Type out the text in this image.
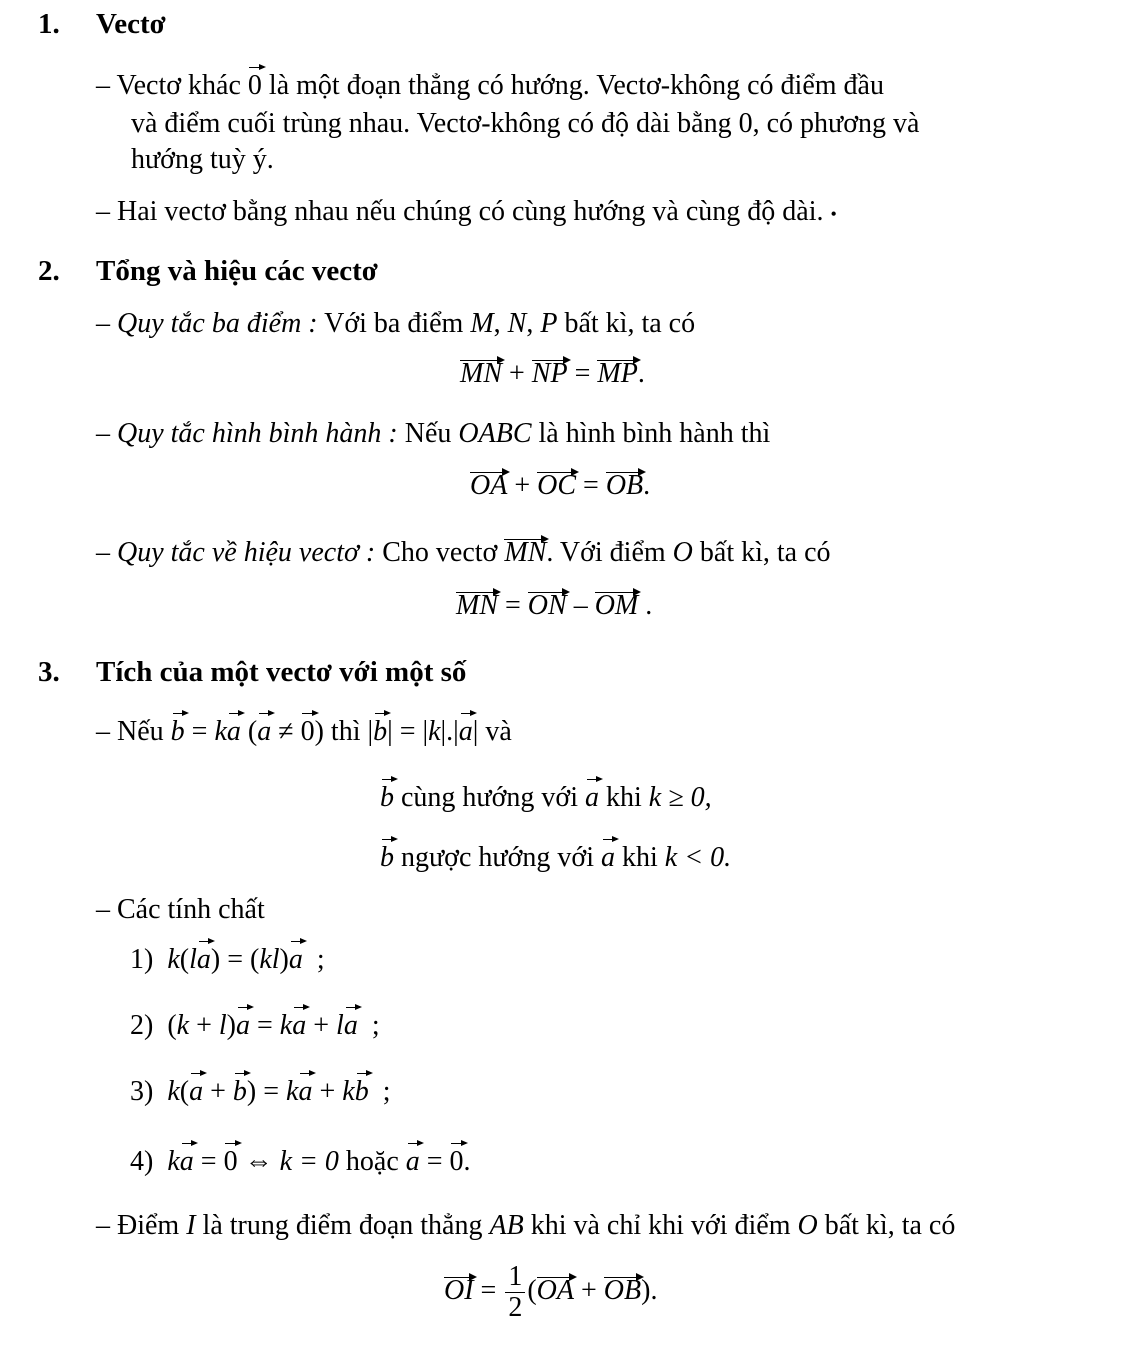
1. Vectơ
– Vectơ khác 0 là một đoạn thẳng có hướng. Vectơ-không có điểm đầu
và điểm cuối trùng nhau. Vectơ-không có độ dài bằng 0, có phương và
hướng tuỳ ý.
– Hai vectơ bằng nhau nếu chúng có cùng hướng và cùng độ dài. •
2. Tổng và hiệu các vectơ
– Quy tắc ba điểm : Với ba điểm M, N, P bất kì, ta có
MN + NP = MP.
– Quy tắc hình bình hành : Nếu OABC là hình bình hành thì
OA + OC = OB.
– Quy tắc về hiệu vectơ : Cho vectơ MN. Với điểm O bất kì, ta có
MN = ON – OM .
3. Tích của một vectơ với một số
– Nếu b = ka (a ≠ 0) thì |b| = |k|.|a| và
b cùng hướng với a khi k ≥ 0,
b ngược hướng với a khi k < 0.
– Các tính chất
1) k(la) = (kl)a  ;
2)  (k + l)a = ka + la  ;
3) k(a + b) = ka + kb  ;
4) ka = 0 ⇔ k = 0 hoặc a = 0.
– Điểm I là trung điểm đoạn thẳng AB khi và chỉ khi với điểm O bất kì, ta có
OI = $\frac{1}{2} (OA + OB)$.
